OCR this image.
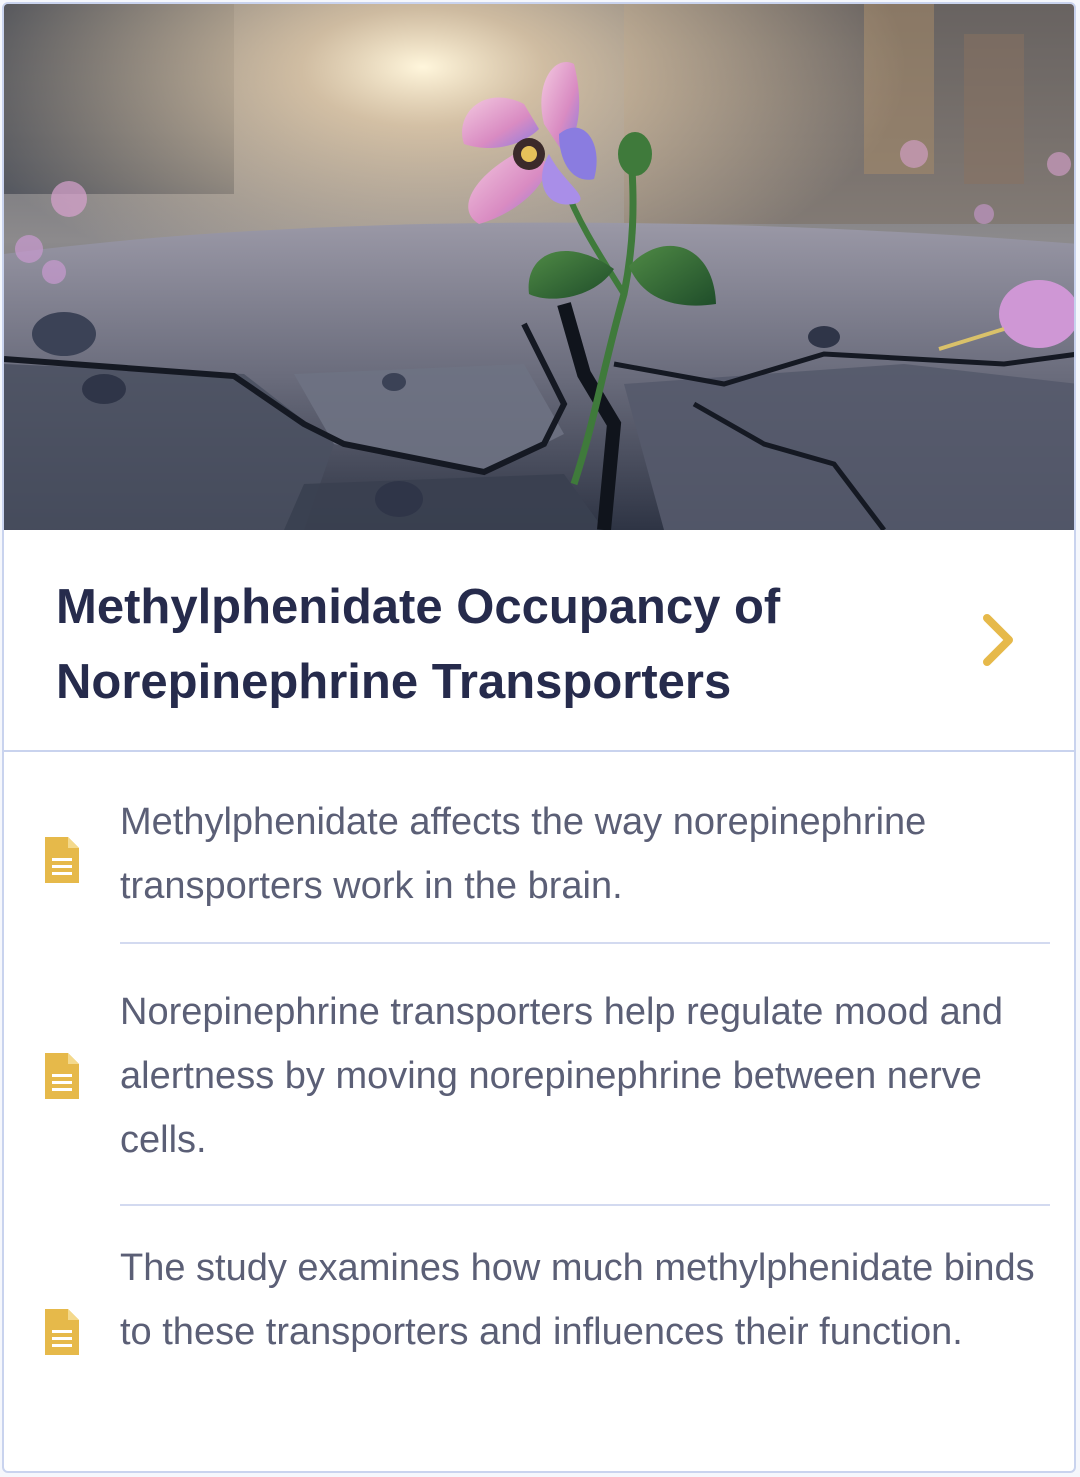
Methylphenidate Occupancy of Norepinephrine Transporters

Methylphenidate affects the way norepinephrine transporters work in the brain.

Norepinephrine transporters help regulate mood and alertness by moving norepinephrine between nerve cells.

The study examines how much methylphenidate binds to these transporters and influences their function.
